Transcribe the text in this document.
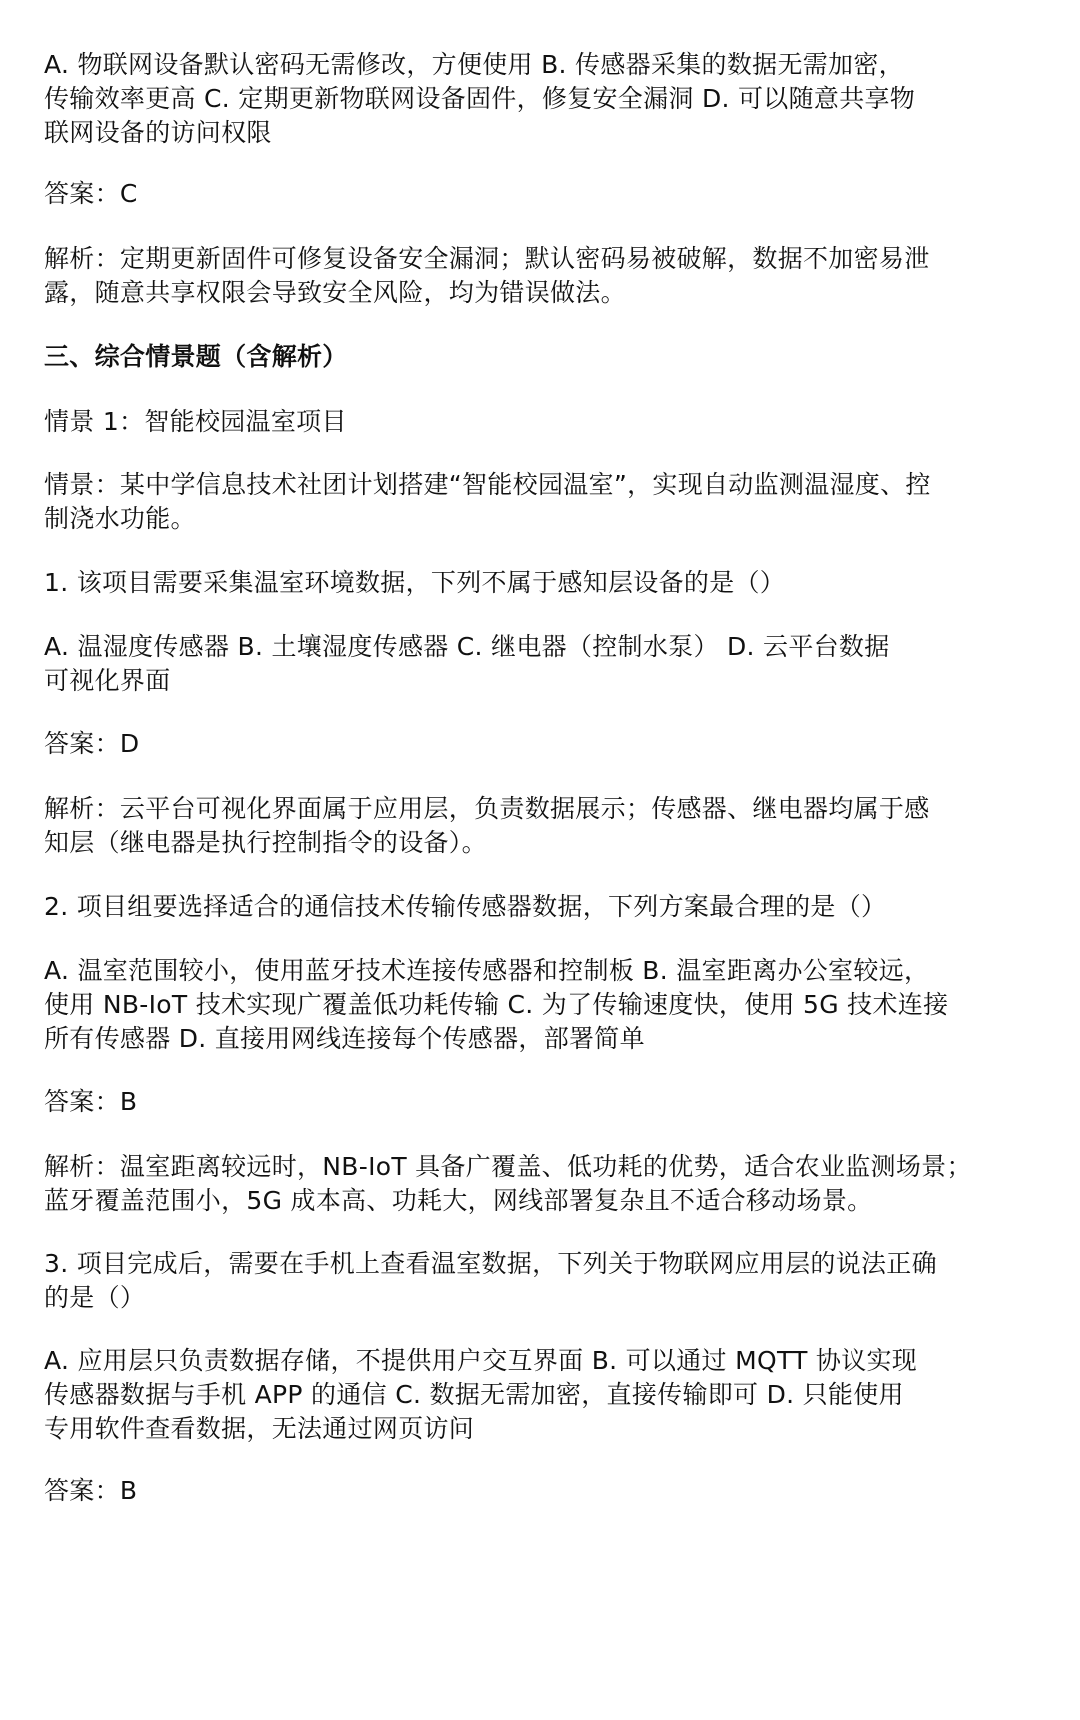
A. 物联网设备默认密码无需修改，方便使用 B. 传感器采集的数据无需加密，
传输效率更高 C. 定期更新物联网设备固件，修复安全漏洞 D. 可以随意共享物
联网设备的访问权限
答案：C
解析：定期更新固件可修复设备安全漏洞；默认密码易被破解，数据不加密易泄
露，随意共享权限会导致安全风险，均为错误做法。
三、综合情景题（含解析）
情景 1：智能校园温室项目
情景：某中学信息技术社团计划搭建“智能校园温室”，实现自动监测温湿度、控
制浇水功能。
1. 该项目需要采集温室环境数据，下列不属于感知层设备的是（）
A. 温湿度传感器 B. 土壤湿度传感器 C. 继电器（控制水泵） D. 云平台数据
可视化界面
答案：D
解析：云平台可视化界面属于应用层，负责数据展示；传感器、继电器均属于感
知层（继电器是执行控制指令的设备）。
2. 项目组要选择适合的通信技术传输传感器数据，下列方案最合理的是（）
A. 温室范围较小，使用蓝牙技术连接传感器和控制板 B. 温室距离办公室较远，
使用 NB-IoT 技术实现广覆盖低功耗传输 C. 为了传输速度快，使用 5G 技术连接
所有传感器 D. 直接用网线连接每个传感器，部署简单
答案：B
解析：温室距离较远时，NB-IoT 具备广覆盖、低功耗的优势，适合农业监测场景；
蓝牙覆盖范围小，5G 成本高、功耗大，网线部署复杂且不适合移动场景。
3. 项目完成后，需要在手机上查看温室数据，下列关于物联网应用层的说法正确
的是（）
A. 应用层只负责数据存储，不提供用户交互界面 B. 可以通过 MQTT 协议实现
传感器数据与手机 APP 的通信 C. 数据无需加密，直接传输即可 D. 只能使用
专用软件查看数据，无法通过网页访问
答案：B
